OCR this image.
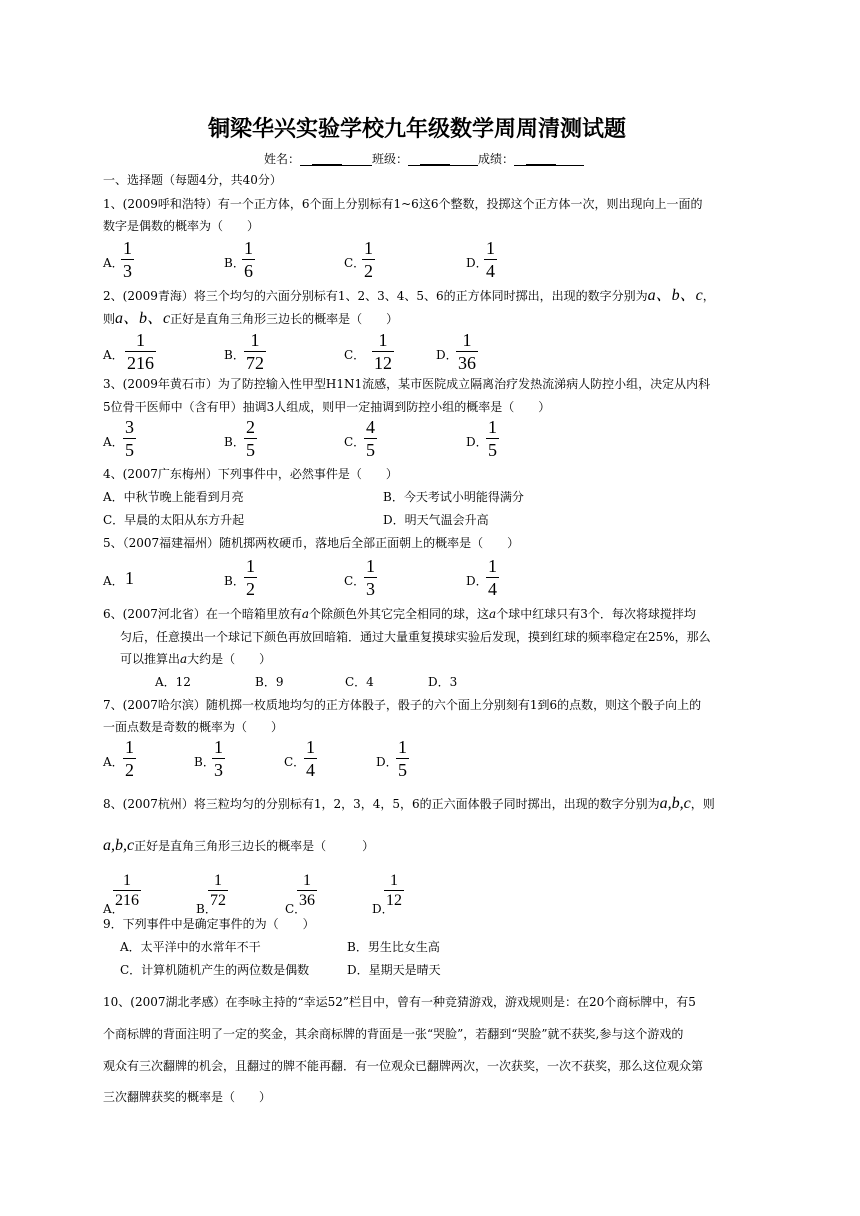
铜梁华兴实验学校九年级数学周周清测试题
姓名：	班级：	成绩：
一、选择题（每题4分，共40分）
1、(2009呼和浩特）有一个正方体，6个面上分别标有1~6这6个整数，投掷这个正方体一次，则出现向上一面的
数字是偶数的概率为（　　）
A．
1
3	B．
1
6	C．
1
2	D．
1
4
2、(2009青海）将三个均匀的六面分别标有1、2、3、4、5、6的正方体同时掷出，出现的数字分别为a、b、c，
则a、b、c正好是直角三角形三边长的概率是（　　）
A．
1
216	B．
1
72	C．
1
12	D．
1
36
3、(2009年黄石市）为了防控输入性甲型H1N1流感，某市医院成立隔离治疗发热流涕病人防控小组，决定从内科
5位骨干医师中（含有甲）抽调3人组成，则甲一定抽调到防控小组的概率是（　　）
A．
3
5	B．
2
5	C．
4
5	D．
1
5
4、(2007广东梅州）下列事件中，必然事件是（　　）
A．中秋节晚上能看到月亮	B．今天考试小明能得满分
C．早晨的太阳从东方升起	D．明天气温会升高
5、（2007福建福州）随机掷两枚硬币，落地后全部正面朝上的概率是（　　）
A． 1	B．
1
2	C．
1
3	D．
1
4
6、(2007河北省）在一个暗箱里放有a个除颜色外其它完全相同的球，这a个球中红球只有3个．每次将球搅拌均
匀后，任意摸出一个球记下颜色再放回暗箱．通过大量重复摸球实验后发现，摸到红球的频率稳定在25%，那么
可以推算出a大约是（　　）
A．12	B．9	C．4	D．3
7、(2007哈尔滨）随机掷一枚质地均匀的正方体骰子，骰子的六个面上分别刻有1到6的点数，则这个骰子向上的
一面点数是奇数的概率为（　　）
A．
1
2	B．
1
3	C．
1
4	D．
1
5
8、(2007杭州）将三粒均匀的分别标有1，2，3，4，5，6的正六面体骰子同时掷出，出现的数字分别为a,b,c，则
a,b,c正好是直角三角形三边长的概率是（　　　）
A．
1
216	B．
1
72	C．
1
36	D．
1
12
9．下列事件中是确定事件的为（　　）
A．太平洋中的水常年不干	B．男生比女生高
C．计算机随机产生的两位数是偶数	D．星期天是晴天
10、(2007湖北孝感）在李咏主持的“幸运52”栏目中，曾有一种竞猜游戏，游戏规则是：在20个商标牌中，有5
个商标牌的背面注明了一定的奖金，其余商标牌的背面是一张“哭脸”，若翻到“哭脸”就不获奖,参与这个游戏的
观众有三次翻牌的机会，且翻过的牌不能再翻．有一位观众已翻牌两次，一次获奖，一次不获奖，那么这位观众第
三次翻牌获奖的概率是（　　）
